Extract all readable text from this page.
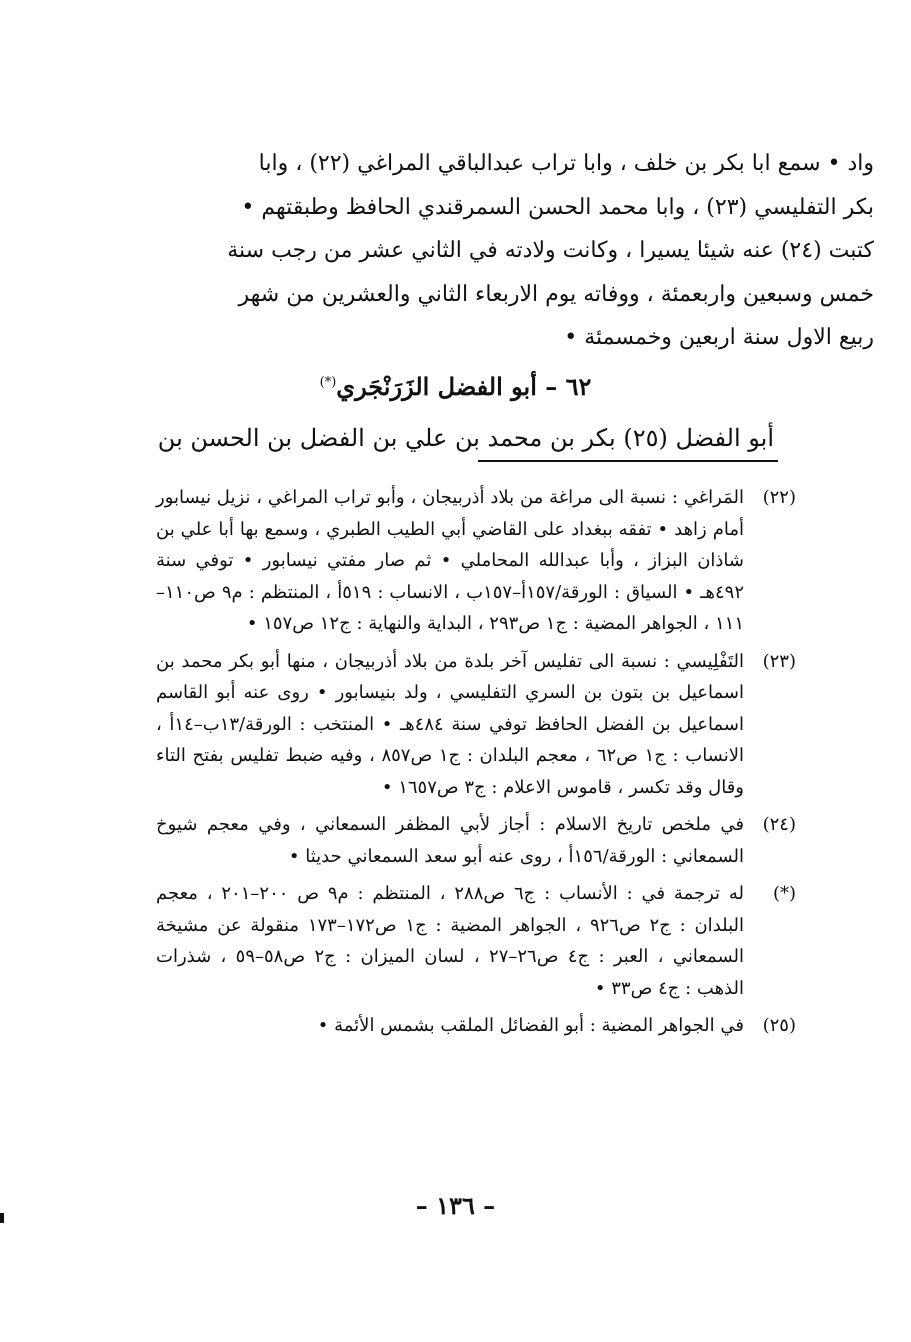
واد • سمع ابا بكر بن خلف ، وابا تراب عبدالباقي المراغي (٢٢) ، وابا

بكر التفليسي (٢٣) ، وابا محمد الحسن السمرقندي الحافظ وطبقتهم •

كتبت (٢٤) عنه شيئا يسيرا ، وكانت ولادته في الثاني عشر من رجب سنة

خمس وسبعين واربعمئة ، ووفاته يوم الاربعاء الثاني والعشرين من شهر

ربيع الاول سنة اربعين وخمسمئة •

٦٢ – أبو الفضل الزَرَنْجَري(*)
أبو الفضل (٢٥) بكر بن محمد بن علي بن الفضل بن الحسن بن
(٢٢)
المَراغي : نسبة الى مراغة من بلاد أذربيجان ، وأبو تراب المراغي ، نزيل نيسابور أمام زاهد • تفقه ببغداد على القاضي أبي الطيب الطبري ، وسمع بها أبا علي بن شاذان البزاز ، وأبا عبدالله المحاملي • ثم صار مفتي نيسابور • توفي سنة ٤٩٢هـ • السياق : الورقة/١٥٧أ–١٥٧ب ، الانساب : ٥١٩أ ، المنتظم : م٩ ص١١٠–١١١ ، الجواهر المضية : ج١ ص٢٩٣ ، البداية والنهاية : ج١٢ ص١٥٧ •
(٢٣)
التَفْلِيسي : نسبة الى تفليس آخر بلدة من بلاد أذربيجان ، منها أبو بكر محمد بن اسماعيل بن بتون بن السري التفليسي ، ولد بنيسابور • روى عنه أبو القاسم اسماعيل بن الفضل الحافظ توفي سنة ٤٨٤هـ • المنتخب : الورقة/١٣ب–١٤أ ، الانساب : ج١ ص٦٢ ، معجم البلدان : ج١ ص٨٥٧ ، وفيه ضبط تفليس بفتح التاء وقال وقد تكسر ، قاموس الاعلام : ج٣ ص١٦٥٧ •
(٢٤)
في ملخص تاريخ الاسلام : أجاز لأبي المظفر السمعاني ، وفي معجم شيوخ السمعاني : الورقة/١٥٦أ ، روى عنه أبو سعد السمعاني حديثا •
(*)
له ترجمة في : الأنساب : ج٦ ص٢٨٨ ، المنتظم : م٩ ص ٢٠٠–٢٠١ ، معجم البلدان : ج٢ ص٩٢٦ ، الجواهر المضية : ج١ ص١٧٢–١٧٣ منقولة عن مشيخة السمعاني ، العبر : ج٤ ص٢٦–٢٧ ، لسان الميزان : ج٢ ص٥٨–٥٩ ، شذرات الذهب : ج٤ ص٣٣ •
(٢٥)
في الجواهر المضية : أبو الفضائل الملقب بشمس الأئمة •
– ١٣٦ –
